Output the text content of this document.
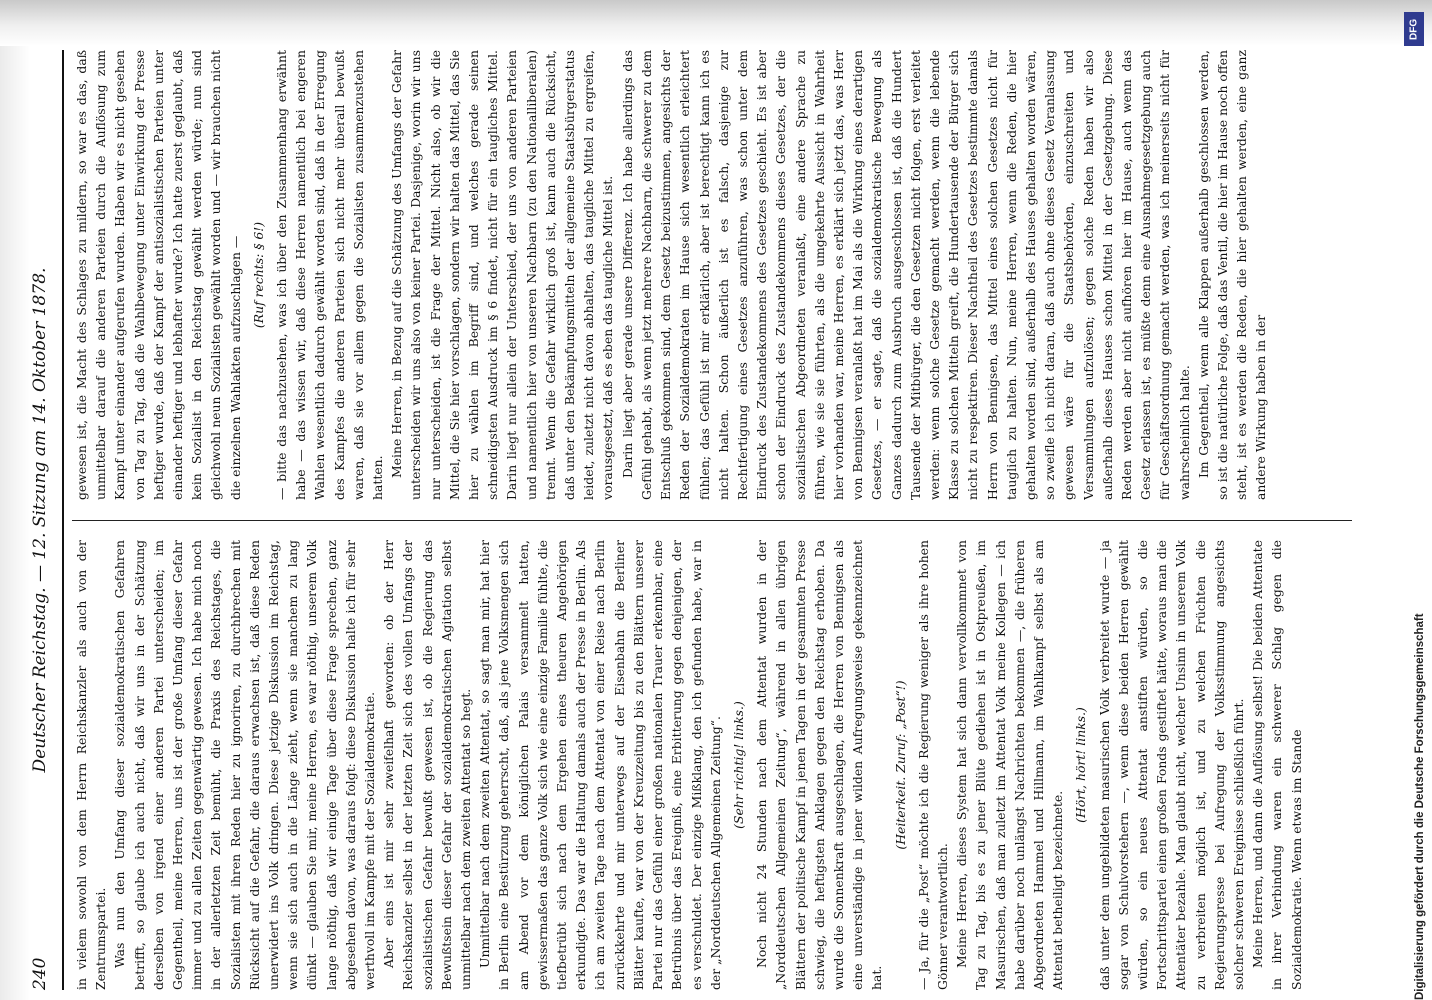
240
Deutscher Reichstag. — 12. Sitzung am 14. Oktober 1878. in vielem sowohl von dem Herrn Reichskanzler als auch von der Zentrumspartei. Was nun den Umfang dieser sozialdemokratischen Gefahren betrifft, so glaube ich auch nicht, daß wir uns in der Schätzung derselben von irgend einer anderen Partei unterscheiden; im Gegentheil, meine Herren, uns ist der große Umfang dieser Gefahr immer und zu allen Zeiten gegenwärtig gewesen. Ich habe mich noch in der allerletzten Zeit bemüht, die Praxis des Reichstages, die Sozialisten mit ihren Reden hier zu ignoriren, zu durchbrechen mit Rücksicht auf die Gefahr, die daraus erwachsen ist, daß diese Reden unerwidert ins Volk dringen. Diese jetzige Diskussion im Reichstag, wenn sie sich auch in die Länge zieht, wenn sie manchem zu lang dünkt — glauben Sie mir, meine Herren, es war nöthig, unserem Volk lange nöthig, daß wir einige Tage über diese Frage sprechen, ganz abgesehen davon, was daraus folgt: diese Diskussion halte ich für sehr werthvoll im Kampfe mit der Sozialdemokratie. Aber eins ist mir sehr zweifelhaft geworden: ob der Herr Reichskanzler selbst in der letzten Zeit sich des vollen Umfangs der sozialistischen Gefahr bewußt gewesen ist, ob die Regierung das Bewußtsein dieser Gefahr der sozialdemokratischen Agitation selbst unmittelbar nach dem zweiten Attentat so hegt. Unmittelbar nach dem zweiten Attentat, so sagt man mir, hat hier in Berlin eine Bestürzung geherrscht, daß, als jene Volksmengen sich am Abend vor dem königlichen Palais versammelt hatten, gewissermaßen das ganze Volk sich wie eine einzige Familie fühlte, die tiefbetrübt sich nach dem Ergehen eines theuren Angehörigen erkundigte. Das war die Haltung damals auch der Presse in Berlin. Als ich am zweiten Tage nach dem Attentat von einer Reise nach Berlin zurückkehrte und mir unterwegs auf der Eisenbahn die Berliner Blätter kaufte, war von der Kreuzzeitung bis zu den Blättern unserer Partei nur das Gefühl einer großen nationalen Trauer erkennbar, eine Betrübnis über das Ereigniß, eine Erbitterung gegen denjenigen, der es verschuldet. Der einzige Mißklang, den ich gefunden habe, war in der „Norddeutschen Allgemeinen Zeitung“. (Sehr richtig! links.) Noch nicht 24 Stunden nach dem Attentat wurden in der „Norddeutschen Allgemeinen Zeitung“, während in allen übrigen Blättern der politische Kampf in jenen Tagen in der gesammten Presse schwieg, die heftigsten Anklagen gegen den Reichstag erhoben. Da wurde die Sonnenkraft ausgeschlagen, die Herren von Bennigsen als eine unverständige in jener wilden Aufregungsweise gekennzeichnet hat.

(Heiterkeit. Zuruf: „Post“!) — Ja, für die „Post“ möchte ich die Regierung weniger als ihre hohen Gönner verantwortlich. Meine Herren, dieses System hat sich dann vervollkommnet von Tag zu Tag, bis es zu jener Blüte gediehen ist in Ostpreußen, im Masurischen, daß man zuletzt im Attentat Volk meine Kollegen — ich habe darüber noch unlängst Nachrichten bekommen —, die früheren Abgeordneten Hammel und Hillmann, im Wahlkampf selbst als am Attentat betheiligt bezeichnete.

(Hört, hört! links.) daß unter dem ungebildeten masurischen Volk verbreitet wurde — ja sogar von Schulvorstehern —, wenn diese beiden Herren gewählt würden, so ein neues Attentat anstiften würden, so die Fortschrittspartei einen großen Fonds gestiftet hätte, woraus man die Attentäter bezahle. Man glaubt nicht, welcher Unsinn in unserem Volk zu verbreiten möglich ist, und zu welchen Früchten die Regierungspresse bei Aufregung der Volksstimmung angesichts solcher schweren Ereignisse schließlich führt. Meine Herren, und dann die Auflösung selbst! Die beiden Attentate in ihrer Verbindung waren ein schwerer Schlag gegen die Sozialdemokratie. Wenn etwas im Stande

gewesen ist, die Macht des Schlages zu mildern, so war es das, daß unmittelbar darauf die anderen Parteien durch die Auflösung zum Kampf unter einander aufgerufen wurden. Haben wir es nicht gesehen von Tag zu Tag, daß die Wahlbewegung unter Einwirkung der Presse heftiger wurde, daß der Kampf der antisozialistischen Parteien unter einander heftiger und lebhafter wurde? Ich hatte zuerst geglaubt, daß kein Sozialist in den Reichstag gewählt werden würde; nun sind gleichwohl neun Sozialisten gewählt worden und — wir brauchen nicht die einzelnen Wahlakten aufzuschlagen — (Ruf rechts: § 6!) — bitte das nachzusehen, was ich über den Zusammenhang erwähnt habe — das wissen wir, daß diese Herren namentlich bei engeren Wahlen wesentlich dadurch gewählt worden sind, daß in der Erregung des Kampfes die anderen Parteien sich nicht mehr überall bewußt waren, daß sie vor allem gegen die Sozialisten zusammenzustehen hatten. Meine Herren, in Bezug auf die Schätzung des Umfangs der Gefahr unterscheiden wir uns also von keiner Partei. Dasjenige, worin wir uns nur unterscheiden, ist die Frage der Mittel. Nicht also, ob wir die Mittel, die Sie hier vorschlagen, sondern wir halten das Mittel, das Sie hier zu wählen im Begriff sind, und welches gerade seinen schneidigsten Ausdruck im § 6 findet, nicht für ein taugliches Mittel. Darin liegt nur allein der Unterschied, der uns von anderen Parteien und namentlich hier von unseren Nachbarn (zu den Nationalliberalen) trennt. Wenn die Gefahr wirklich groß ist, kann auch die Rücksicht, daß unter den Bekämpfungsmitteln der allgemeine Staatsbürgerstatus leidet, zuletzt nicht davon abhalten, das taugliche Mittel zu ergreifen, vorausgesetzt, daß es eben das taugliche Mittel ist. Darin liegt aber gerade unsere Differenz. Ich habe allerdings das Gefühl gehabt, als wenn jetzt mehrere Nachbarn, die schwerer zu dem Entschluß gekommen sind, dem Gesetz beizustimmen, angesichts der Reden der Sozialdemokraten im Hause sich wesentlich erleichtert fühlen; das Gefühl ist mir erklärlich, aber ist berechtigt kann ich es nicht halten. Schon äußerlich ist es falsch, dasjenige zur Rechtfertigung eines Gesetzes anzuführen, was schon unter dem Eindruck des Zustandekommens des Gesetzes geschieht. Es ist aber schon der Eindruck des Zustandekommens dieses Gesetzes, der die sozialistischen Abgeordneten veranlaßt, eine andere Sprache zu führen, wie sie sie führten, als die umgekehrte Aussicht in Wahrheit hier vorhanden war, meine Herren, es erklärt sich jetzt das, was Herr von Bennigsen veranlaßt hat im Mai als die Wirkung eines derartigen Gesetzes, — er sagte, daß die sozialdemokratische Bewegung als Ganzes dadurch zum Ausbruch ausgeschlossen ist, daß die Hundert Tausende der Mitbürger, die den Gesetzen nicht folgen, erst verleitet werden: wenn solche Gesetze gemacht werden, wenn die lebende Klasse zu solchen Mitteln greift, die Hundertausende der Bürger sich nicht zu respektiren. Dieser Nachtheil des Gesetzes bestimmte damals Herrn von Bennigsen, das Mittel eines solchen Gesetzes nicht für tauglich zu halten. Nun, meine Herren, wenn die Reden, die hier gehalten worden sind, außerhalb des Hauses gehalten worden wären, so zweifle ich nicht daran, daß auch ohne dieses Gesetz Veranlassung gewesen wäre für die Staatsbehörden, einzuschreiten und Versammlungen aufzulösen; gegen solche Reden haben wir also außerhalb dieses Hauses schon Mittel in der Gesetzgebung. Diese Reden werden aber nicht aufhören hier im Hause, auch wenn das Gesetz erlassen ist, es müßte denn eine Ausnahmegesetzgebung auch für Geschäftsordnung gemacht werden, was ich meinerseits nicht für wahrscheinlich halte. Im Gegentheil, wenn alle Klappen außerhalb geschlossen werden, so ist die natürliche Folge, daß das Ventil, die hier im Hause noch offen steht, ist es werden die Reden, die hier gehalten werden, eine ganz andere Wirkung haben in der

DFG
Digitalisierung gefördert durch die Deutsche Forschungsgemeinschaft
